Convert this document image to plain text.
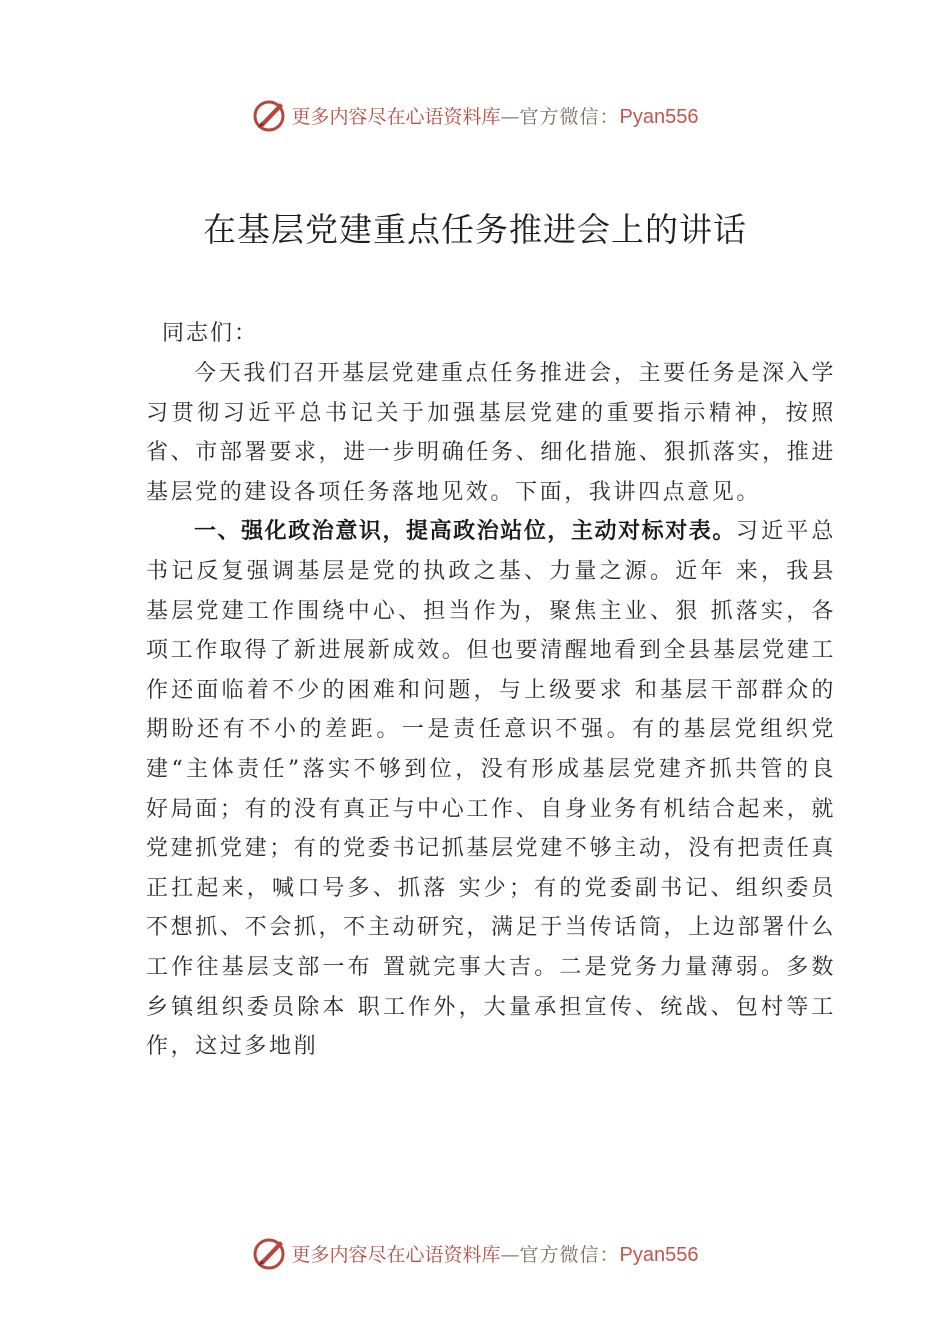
更多内容尽在心语资料库—官方微信：Pyan556
在基层党建重点任务推进会上的讲话
同志们：

今天我们召开基层党建重点任务推进会，主要任务是深入学习贯彻习近平总书记关于加强基层党建的重要指示精神，按照省、市部署要求，进一步明确任务、细化措施、狠抓落实，推进基层党的建设各项任务落地见效。下面，我讲四点意见。

一、强化政治意识，提高政治站位，主动对标对表。习近平总书记反复强调基层是党的执政之基、力量之源。近年 来，我县基层党建工作围绕中心、担当作为，聚焦主业、狠 抓落实，各项工作取得了新进展新成效。但也要清醒地看到全县基层党建工作还面临着不少的困难和问题，与上级要求 和基层干部群众的期盼还有不小的差距。一是责任意识不强。有的基层党组织党建“主体责任”落实不够到位，没有形成基层党建齐抓共管的良好局面；有的没有真正与中心工作、自身业务有机结合起来，就党建抓党建；有的党委书记抓基层党建不够主动，没有把责任真正扛起来，喊口号多、抓落 实少；有的党委副书记、组织委员不想抓、不会抓，不主动研究，满足于当传话筒，上边部署什么工作往基层支部一布 置就完事大吉。二是党务力量薄弱。多数乡镇组织委员除本 职工作外，大量承担宣传、统战、包村等工作，这过多地削

更多内容尽在心语资料库—官方微信：Pyan556
